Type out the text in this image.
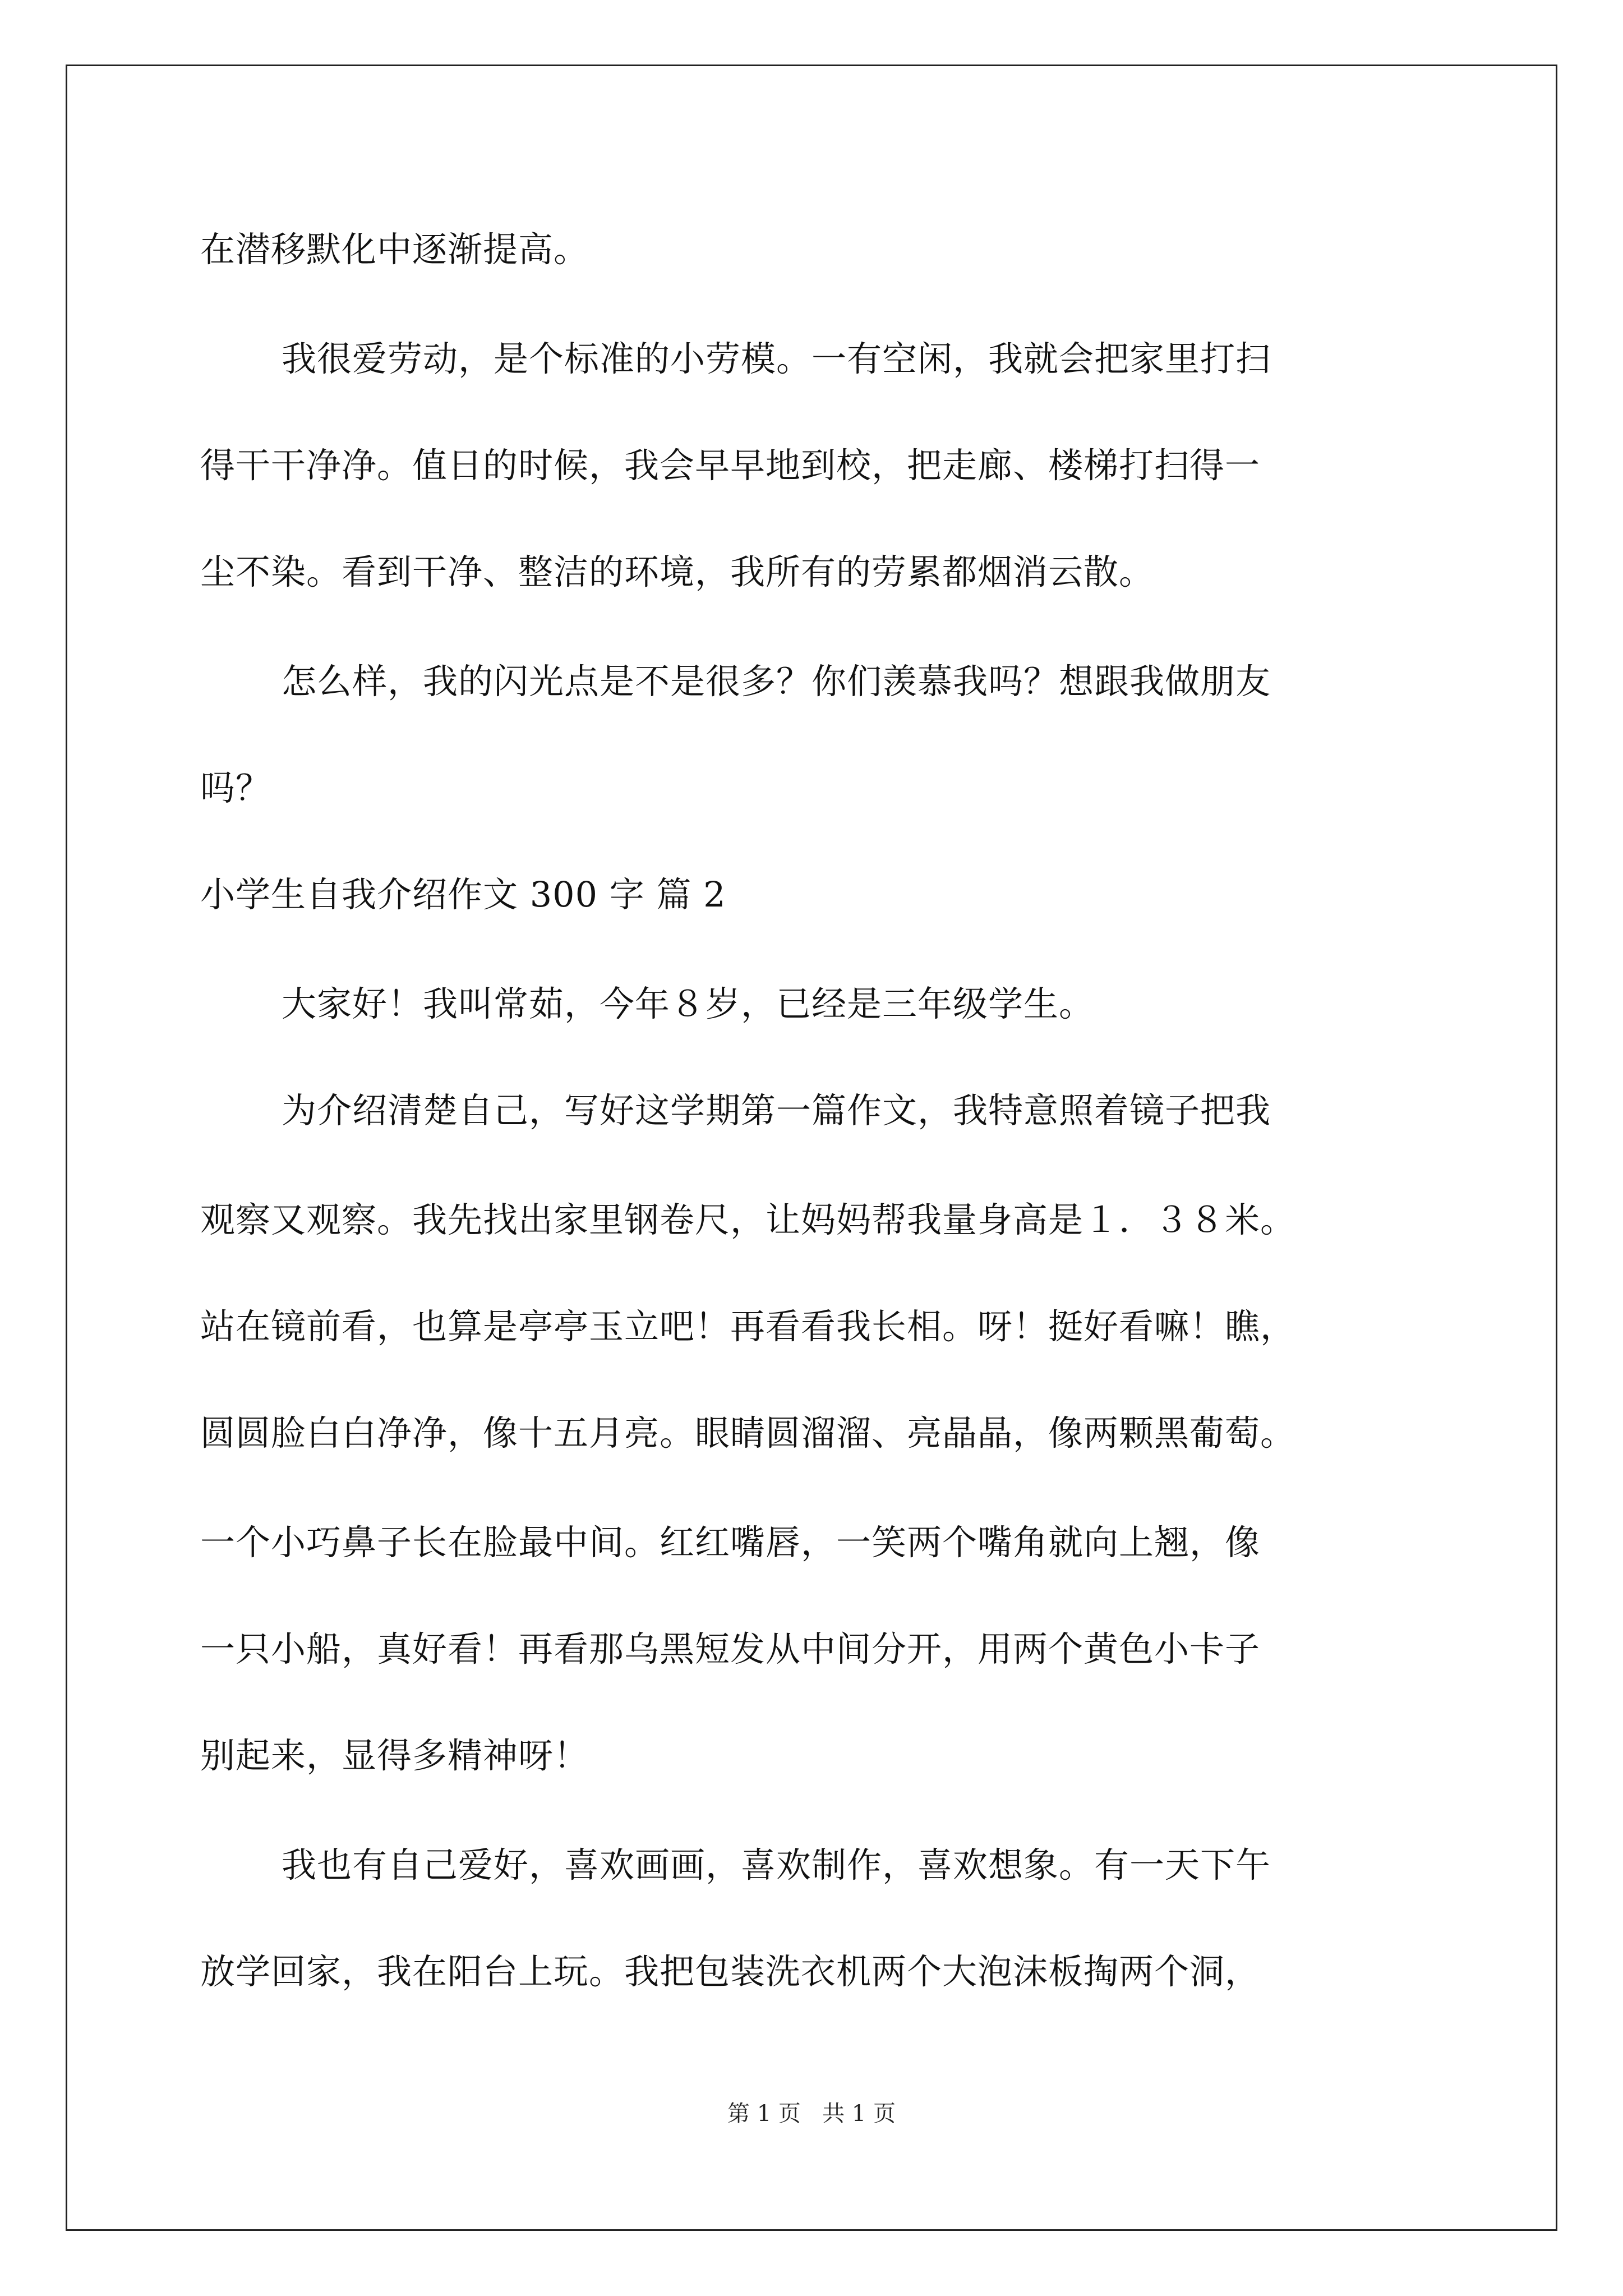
在潜移默化中逐渐提高。

我很爱劳动，是个标准的小劳模。一有空闲，我就会把家里打扫

得干干净净。值日的时候，我会早早地到校，把走廊、楼梯打扫得一

尘不染。看到干净、整洁的环境，我所有的劳累都烟消云散。

怎么样，我的闪光点是不是很多？你们羡慕我吗？想跟我做朋友

吗？

小学生自我介绍作文 300 字 篇 2

大家好！我叫常茹，今年８岁，已经是三年级学生。

为介绍清楚自己，写好这学期第一篇作文，我特意照着镜子把我

观察又观察。我先找出家里钢卷尺，让妈妈帮我量身高是１．３８米。

站在镜前看，也算是亭亭玉立吧！再看看我长相。呀！挺好看嘛！瞧，

圆圆脸白白净净，像十五月亮。眼睛圆溜溜、亮晶晶，像两颗黑葡萄。

一个小巧鼻子长在脸最中间。红红嘴唇，一笑两个嘴角就向上翘，像

一只小船，真好看！再看那乌黑短发从中间分开，用两个黄色小卡子

别起来，显得多精神呀！

我也有自己爱好，喜欢画画，喜欢制作，喜欢想象。有一天下午

放学回家，我在阳台上玩。我把包装洗衣机两个大泡沫板掏两个洞，

第 1 页   共 1 页
